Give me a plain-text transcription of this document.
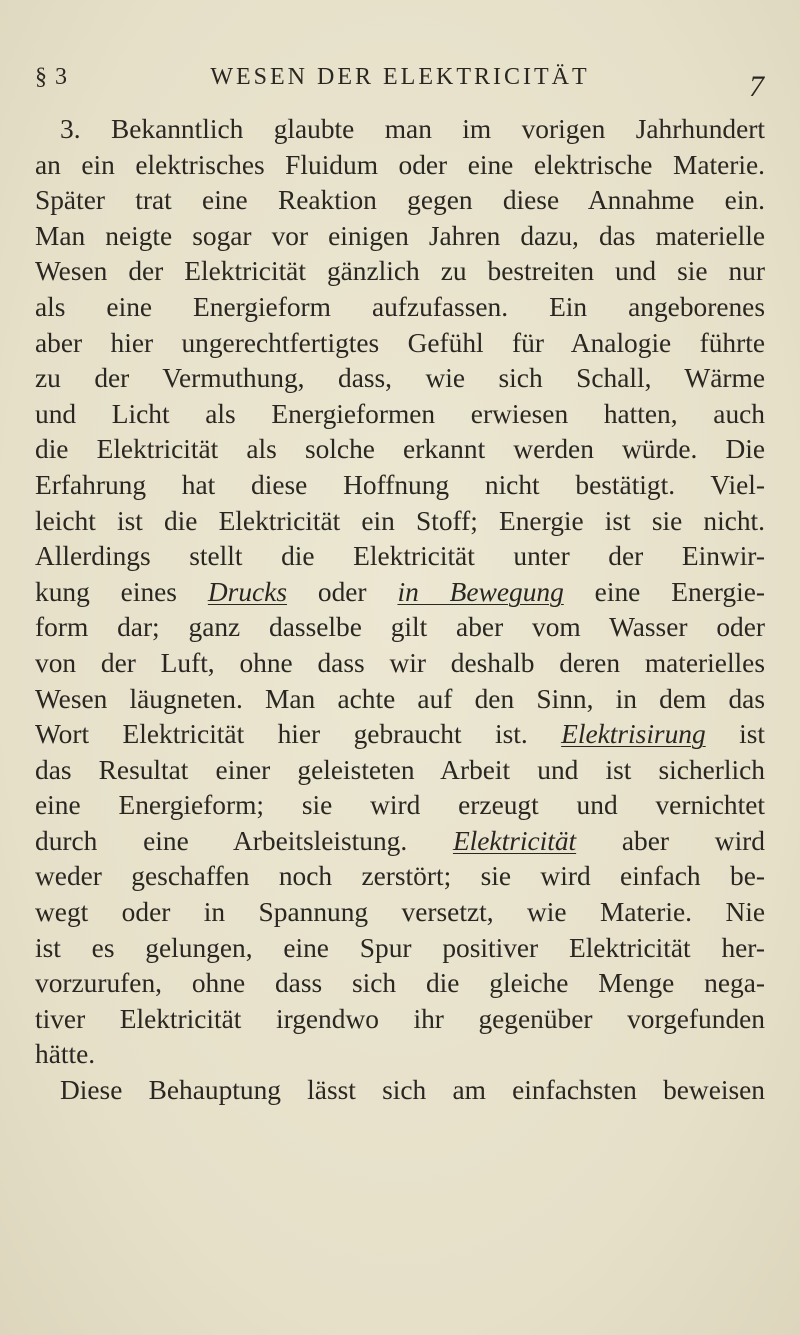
§ 3	WESEN DER ELEKTRICITÄT	7
3. Bekanntlich glaubte man im vorigen Jahrhundert
an ein elektrisches Fluidum oder eine elektrische Materie.
Später trat eine Reaktion gegen diese Annahme ein.
Man neigte sogar vor einigen Jahren dazu, das materielle
Wesen der Elektricität gänzlich zu bestreiten und sie nur
als eine Energieform aufzufassen. Ein angeborenes
aber hier ungerechtfertigtes Gefühl für Analogie führte
zu der Vermuthung, dass, wie sich Schall, Wärme
und Licht als Energieformen erwiesen hatten, auch
die Elektricität als solche erkannt werden würde. Die
Erfahrung hat diese Hoffnung nicht bestätigt. Viel-
leicht ist die Elektricität ein Stoff; Energie ist sie nicht.
Allerdings stellt die Elektricität unter der Einwir-
kung eines Drucks oder in Bewegung eine Energie-
form dar; ganz dasselbe gilt aber vom Wasser oder
von der Luft, ohne dass wir deshalb deren materielles
Wesen läugneten. Man achte auf den Sinn, in dem das
Wort Elektricität hier gebraucht ist. Elektrisirung ist
das Resultat einer geleisteten Arbeit und ist sicherlich
eine Energieform; sie wird erzeugt und vernichtet
durch eine Arbeitsleistung. Elektricität aber wird
weder geschaffen noch zerstört; sie wird einfach be-
wegt oder in Spannung versetzt, wie Materie. Nie
ist es gelungen, eine Spur positiver Elektricität her-
vorzurufen, ohne dass sich die gleiche Menge nega-
tiver Elektricität irgendwo ihr gegenüber vorgefunden
hätte.
Diese Behauptung lässt sich am einfachsten beweisen
